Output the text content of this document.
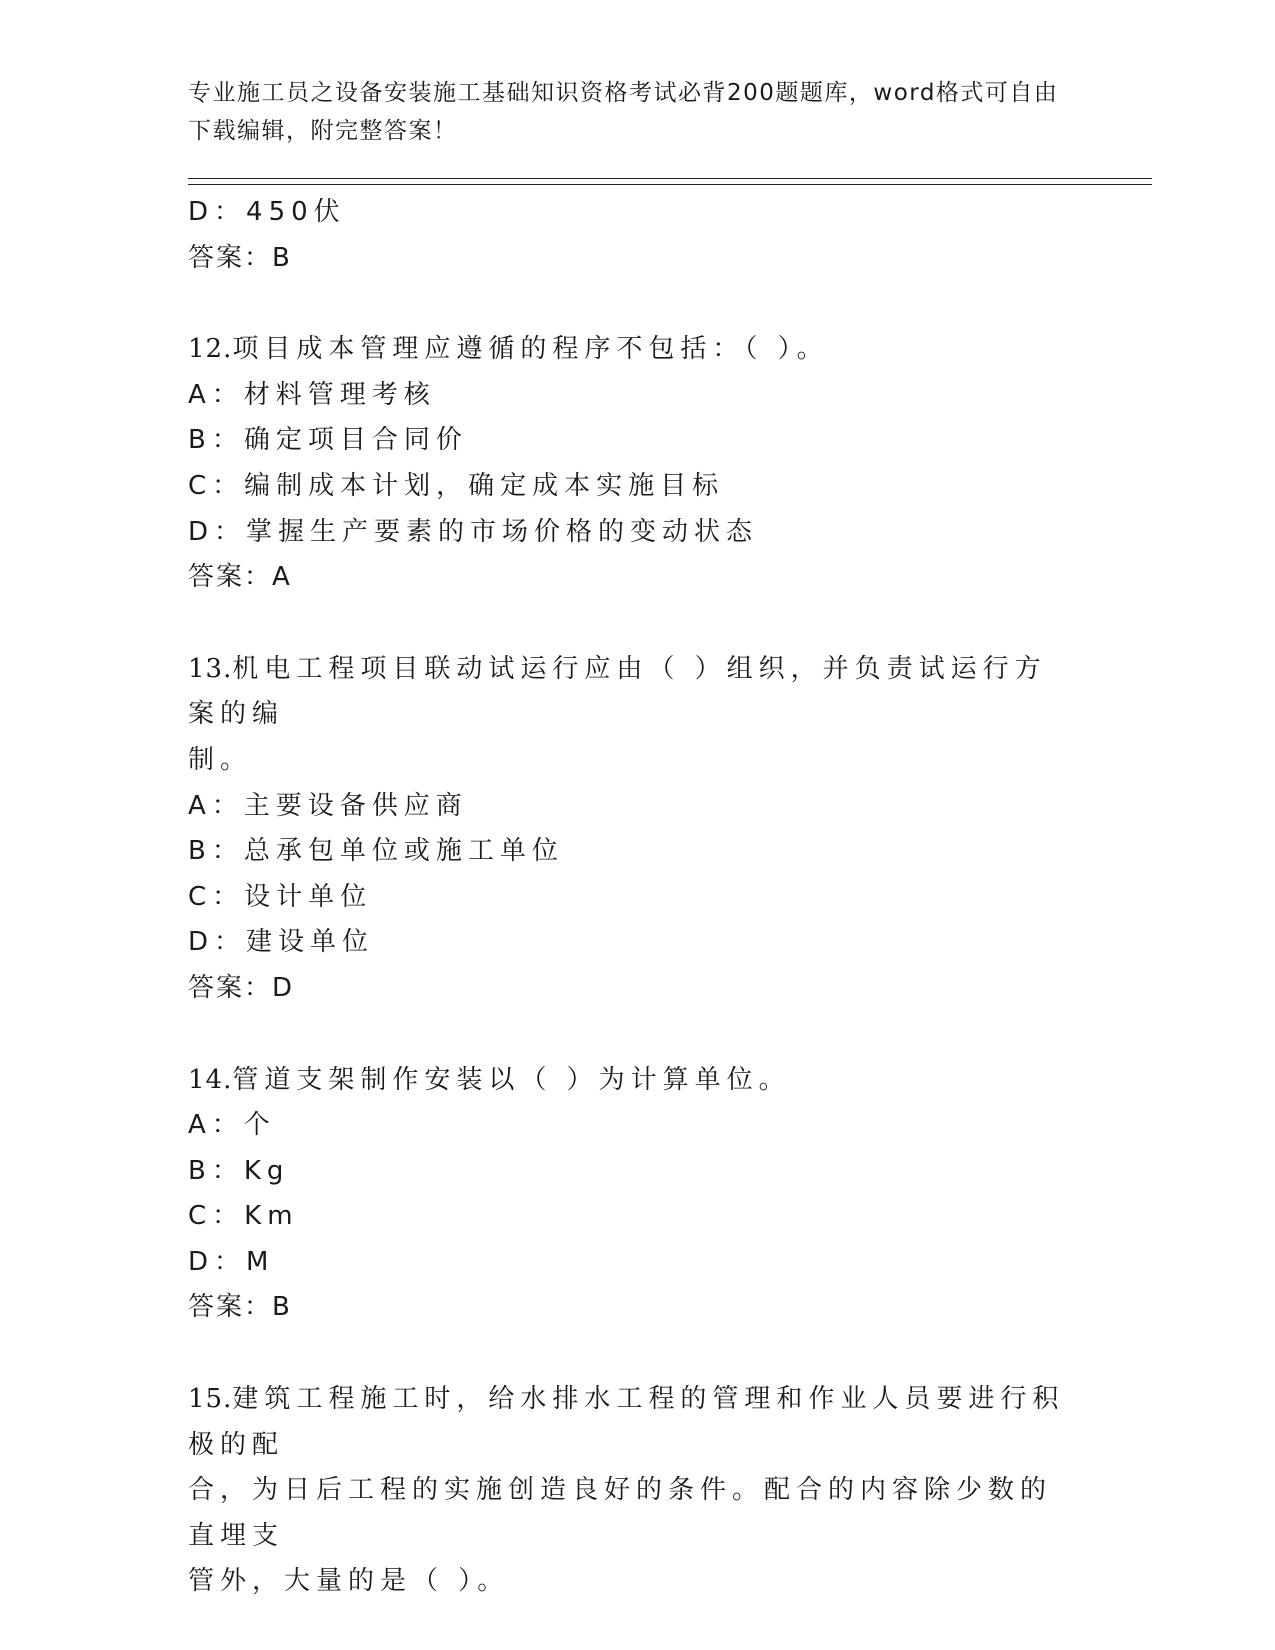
专业施工员之设备安装施工基础知识资格考试必背200题题库，word格式可自由
下载编辑，附完整答案！
D：450伏
答案：B
12.项目成本管理应遵循的程序不包括：（ ）。
A：材料管理考核
B：确定项目合同价
C：编制成本计划，确定成本实施目标
D：掌握生产要素的市场价格的变动状态
答案：A
13.机电工程项目联动试运行应由（ ）组织，并负责试运行方案的编
制。
A：主要设备供应商
B：总承包单位或施工单位
C：设计单位
D：建设单位
答案：D
14.管道支架制作安装以（ ）为计算单位。
A：个
B：Kg
C：Km
D：M
答案：B
15.建筑工程施工时，给水排水工程的管理和作业人员要进行积极的配
合，为日后工程的实施创造良好的条件。配合的内容除少数的直埋支
管外，大量的是（ ）。
